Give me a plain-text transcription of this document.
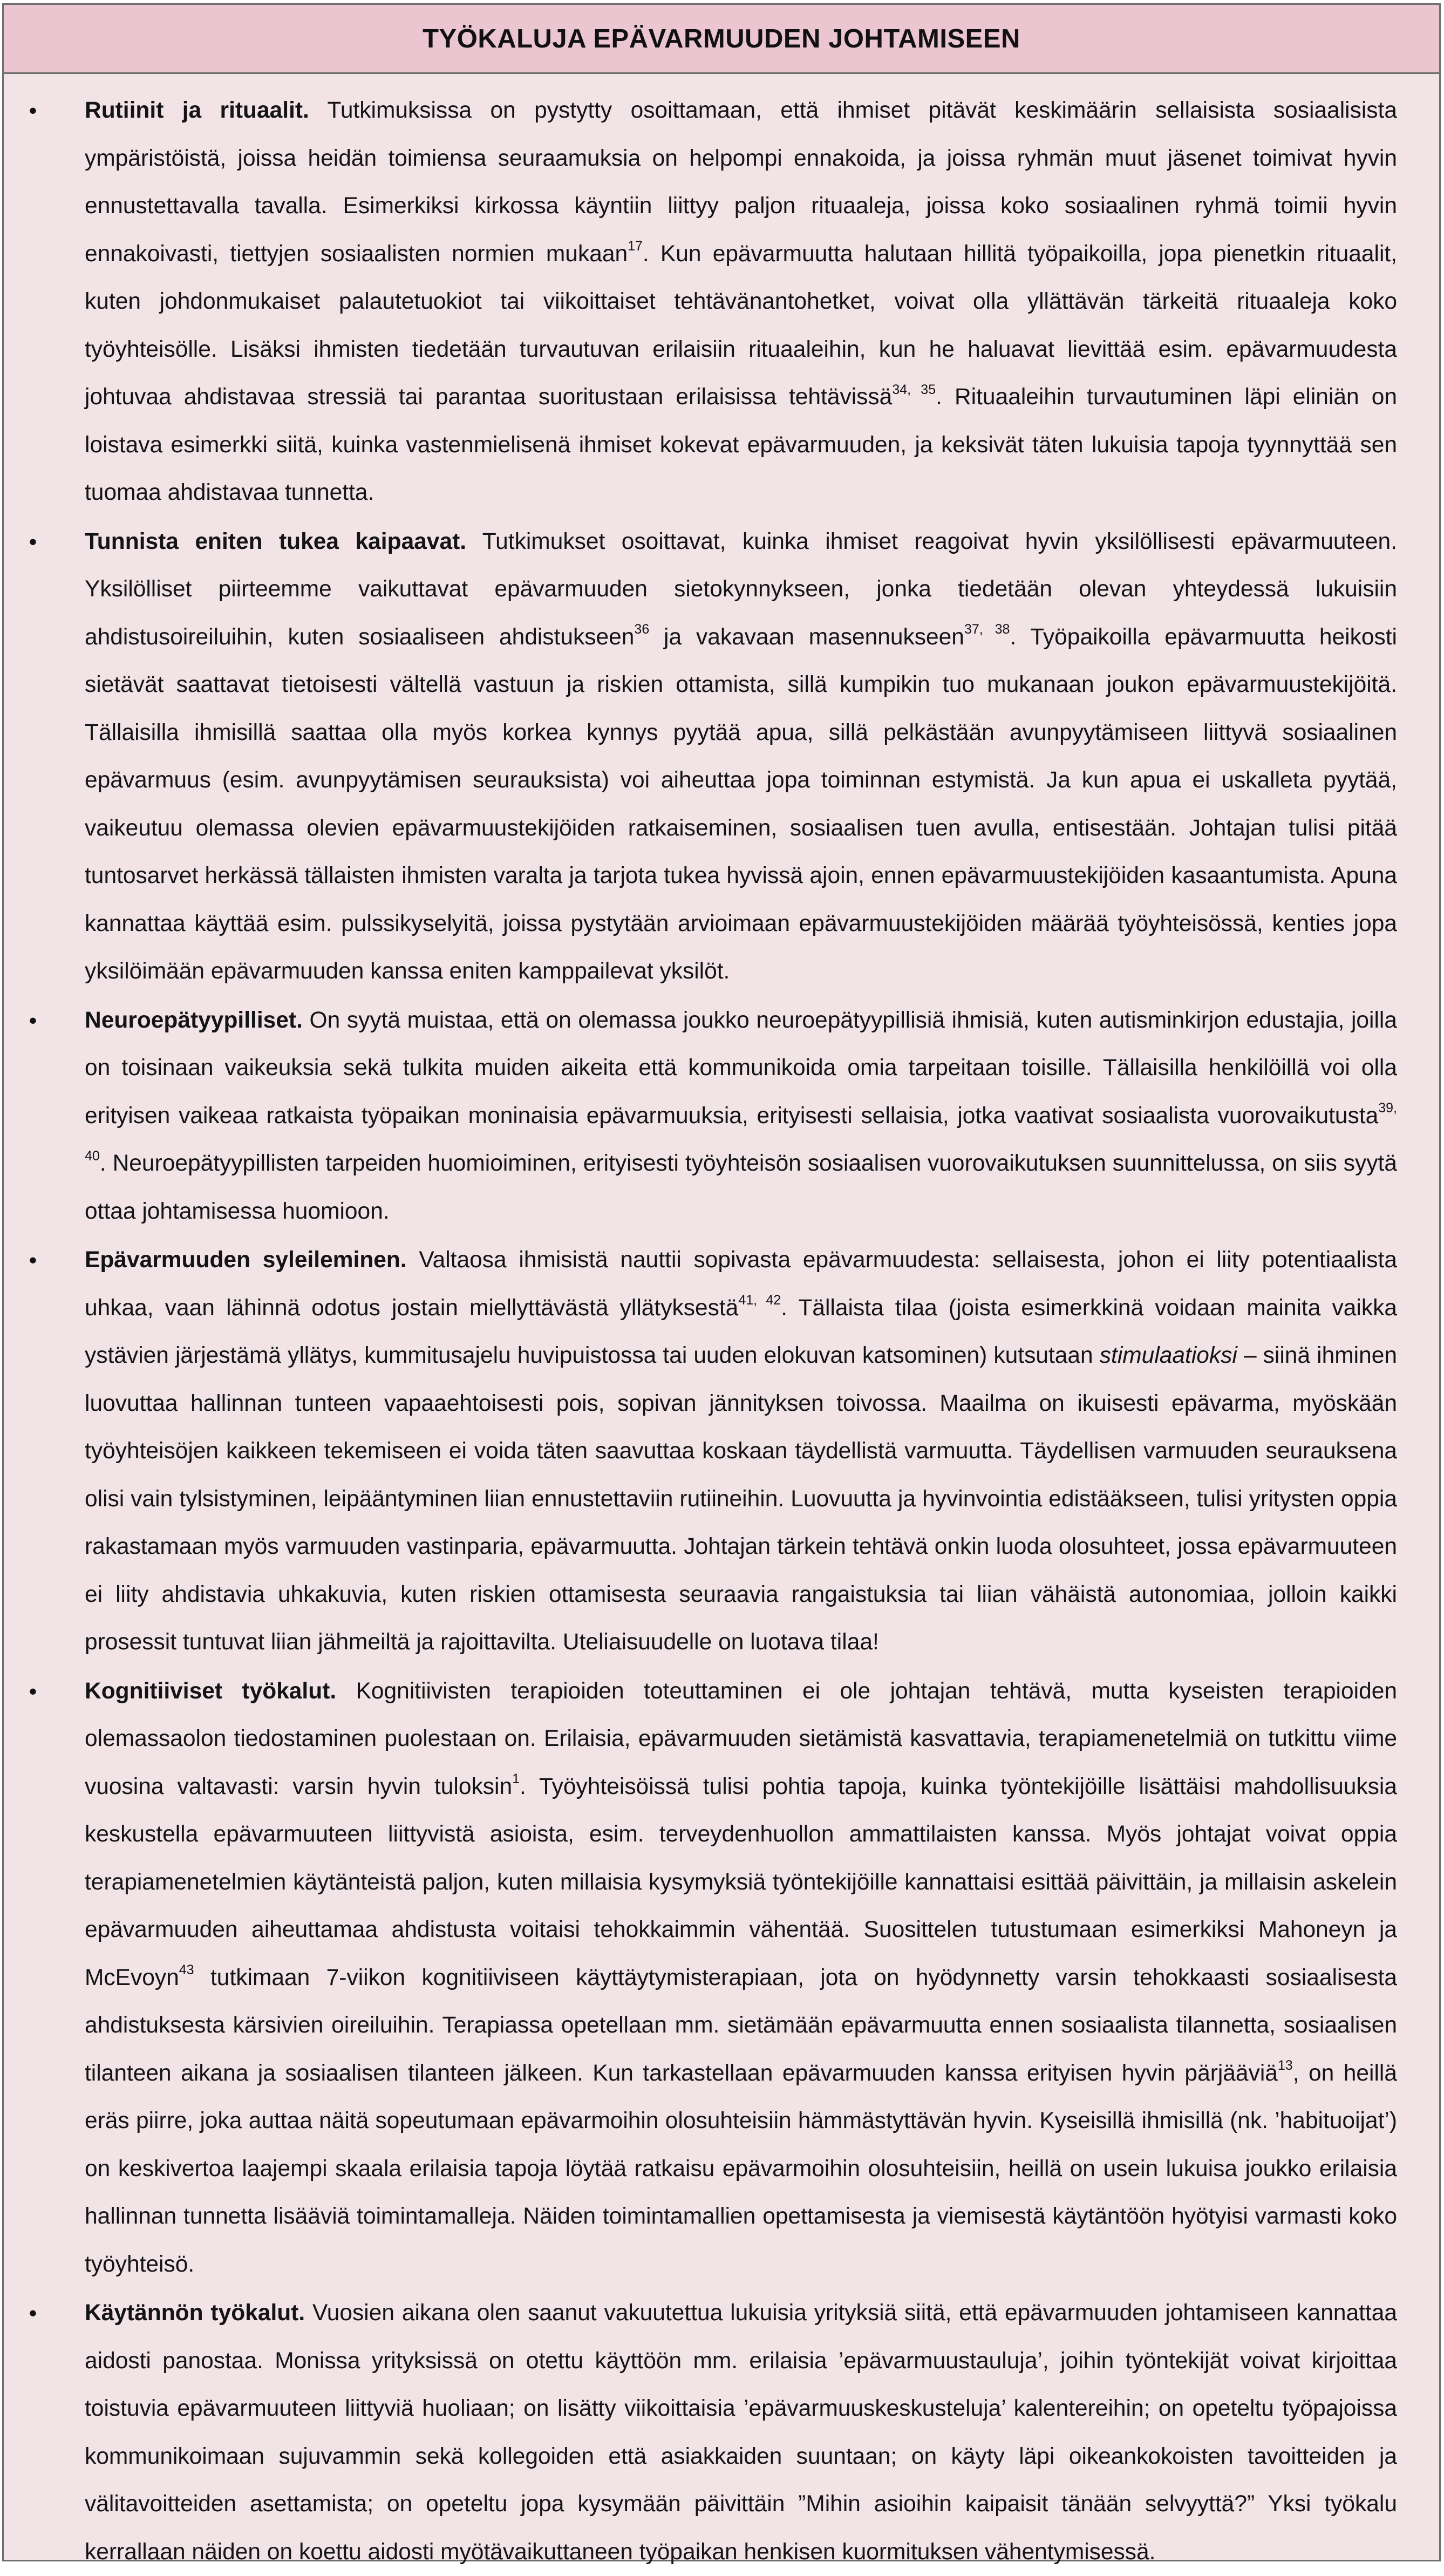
TYÖKALUJA EPÄVARMUUDEN JOHTAMISEEN
• Rutiinit ja rituaalit. Tutkimuksissa on pystytty osoittamaan, että ihmiset pitävät keskimäärin sellaisista sosiaalisista ympäristöistä, joissa heidän toimiensa seuraamuksia on helpompi ennakoida, ja joissa ryhmän muut jäsenet toimivat hyvin ennustettavalla tavalla. Esimerkiksi kirkossa käyntiin liittyy paljon rituaaleja, joissa koko sosiaalinen ryhmä toimii hyvin ennakoivasti, tiettyjen sosiaalisten normien mukaan$^{17}$. Kun epävarmuutta halutaan hillitä työpaikoilla, jopa pienetkin rituaalit, kuten johdonmukaiset palautetuokiot tai viikoittaiset tehtävänantohetket, voivat olla yllättävän tärkeitä rituaaleja koko työyhteisölle. Lisäksi ihmisten tiedetään turvautuvan erilaisiin rituaaleihin, kun he haluavat lievittää esim. epävarmuudesta johtuvaa ahdistavaa stressiä tai parantaa suoritustaan erilaisissa tehtävissä$^{34, 35}$. Rituaaleihin turvautuminen läpi eliniän on loistava esimerkki siitä, kuinka vastenmielisenä ihmiset kokevat epävarmuuden, ja keksivät täten lukuisia tapoja tyynnyttää sen tuomaa ahdistavaa tunnetta.
• Tunnista eniten tukea kaipaavat. Tutkimukset osoittavat, kuinka ihmiset reagoivat hyvin yksilöllisesti epävarmuuteen. Yksilölliset piirteemme vaikuttavat epävarmuuden sietokynnykseen, jonka tiedetään olevan yhteydessä lukuisiin ahdistusoireiluihin, kuten sosiaaliseen ahdistukseen$^{36}$ ja vakavaan masennukseen$^{37, 38}$. Työpaikoilla epävarmuutta heikosti sietävät saattavat tietoisesti vältellä vastuun ja riskien ottamista, sillä kumpikin tuo mukanaan joukon epävarmuustekijöitä. Tällaisilla ihmisillä saattaa olla myös korkea kynnys pyytää apua, sillä pelkästään avunpyytämiseen liittyvä sosiaalinen epävarmuus (esim. avunpyytämisen seurauksista) voi aiheuttaa jopa toiminnan estymistä. Ja kun apua ei uskalleta pyytää, vaikeutuu olemassa olevien epävarmuustekijöiden ratkaiseminen, sosiaalisen tuen avulla, entisestään. Johtajan tulisi pitää tuntosarvet herkässä tällaisten ihmisten varalta ja tarjota tukea hyvissä ajoin, ennen epävarmuustekijöiden kasaantumista. Apuna kannattaa käyttää esim. pulssikyselyitä, joissa pystytään arvioimaan epävarmuustekijöiden määrää työyhteisössä, kenties jopa yksilöimään epävarmuuden kanssa eniten kamppailevat yksilöt.
• Neuroepätyypilliset. On syytä muistaa, että on olemassa joukko neuroepätyypillisiä ihmisiä, kuten autisminkirjon edustajia, joilla on toisinaan vaikeuksia sekä tulkita muiden aikeita että kommunikoida omia tarpeitaan toisille. Tällaisilla henkilöillä voi olla erityisen vaikeaa ratkaista työpaikan moninaisia epävarmuuksia, erityisesti sellaisia, jotka vaativat sosiaalista vuorovaikutusta$^{39, 40}$. Neuroepätyypillisten tarpeiden huomioiminen, erityisesti työyhteisön sosiaalisen vuorovaikutuksen suunnittelussa, on siis syytä ottaa johtamisessa huomioon.
• Epävarmuuden syleileminen. Valtaosa ihmisistä nauttii sopivasta epävarmuudesta: sellaisesta, johon ei liity potentiaalista uhkaa, vaan lähinnä odotus jostain miellyttävästä yllätyksestä$^{41, 42}$. Tällaista tilaa (joista esimerkkinä voidaan mainita vaikka ystävien järjestämä yllätys, kummitusajelu huvipuistossa tai uuden elokuvan katsominen) kutsutaan stimulaatioksi – siinä ihminen luovuttaa hallinnan tunteen vapaaehtoisesti pois, sopivan jännityksen toivossa. Maailma on ikuisesti epävarma, myöskään työyhteisöjen kaikkeen tekemiseen ei voida täten saavuttaa koskaan täydellistä varmuutta. Täydellisen varmuuden seurauksena olisi vain tylsistyminen, leipääntyminen liian ennustettaviin rutiineihin. Luovuutta ja hyvinvointia edistääkseen, tulisi yritysten oppia rakastamaan myös varmuuden vastinparia, epävarmuutta. Johtajan tärkein tehtävä onkin luoda olosuhteet, jossa epävarmuuteen ei liity ahdistavia uhkakuvia, kuten riskien ottamisesta seuraavia rangaistuksia tai liian vähäistä autonomiaa, jolloin kaikki prosessit tuntuvat liian jähmeiltä ja rajoittavilta. Uteliaisuudelle on luotava tilaa!
• Kognitiiviset työkalut. Kognitiivisten terapioiden toteuttaminen ei ole johtajan tehtävä, mutta kyseisten terapioiden olemassaolon tiedostaminen puolestaan on. Erilaisia, epävarmuuden sietämistä kasvattavia, terapiamenetelmiä on tutkittu viime vuosina valtavasti: varsin hyvin tuloksin$^1$. Työyhteisöissä tulisi pohtia tapoja, kuinka työntekijöille lisättäisi mahdollisuuksia keskustella epävarmuuteen liittyvistä asioista, esim. terveydenhuollon ammattilaisten kanssa. Myös johtajat voivat oppia terapiamenetelmien käytänteistä paljon, kuten millaisia kysymyksiä työntekijöille kannattaisi esittää päivittäin, ja millaisin askelein epävarmuuden aiheuttamaa ahdistusta voitaisi tehokkaimmin vähentää. Suosittelen tutustumaan esimerkiksi Mahoneyn ja McEvoyn$^{43}$ tutkimaan 7-viikon kognitiiviseen käyttäytymisterapiaan, jota on hyödynnetty varsin tehokkaasti sosiaalisesta ahdistuksesta kärsivien oireiluihin. Terapiassa opetellaan mm. sietämään epävarmuutta ennen sosiaalista tilannetta, sosiaalisen tilanteen aikana ja sosiaalisen tilanteen jälkeen. Kun tarkastellaan epävarmuuden kanssa erityisen hyvin pärjääviä$^{13}$, on heillä eräs piirre, joka auttaa näitä sopeutumaan epävarmoihin olosuhteisiin hämmästyttävän hyvin. Kyseisillä ihmisillä (nk. ’habituoijat’) on keskivertoa laajempi skaala erilaisia tapoja löytää ratkaisu epävarmoihin olosuhteisiin, heillä on usein lukuisa joukko erilaisia hallinnan tunnetta lisääviä toimintamalleja. Näiden toimintamallien opettamisesta ja viemisestä käytäntöön hyötyisi varmasti koko työyhteisö.
• Käytännön työkalut. Vuosien aikana olen saanut vakuutettua lukuisia yrityksiä siitä, että epävarmuuden johtamiseen kannattaa aidosti panostaa. Monissa yrityksissä on otettu käyttöön mm. erilaisia ’epävarmuustauluja’, joihin työntekijät voivat kirjoittaa toistuvia epävarmuuteen liittyviä huoliaan; on lisätty viikoittaisia ’epävarmuuskeskusteluja’ kalentereihin; on opeteltu työpajoissa kommunikoimaan sujuvammin sekä kollegoiden että asiakkaiden suuntaan; on käyty läpi oikeankokoisten tavoitteiden ja välitavoitteiden asettamista; on opeteltu jopa kysymään päivittäin ”Mihin asioihin kaipaisit tänään selvyyttä?” Yksi työkalu kerrallaan näiden on koettu aidosti myötävaikuttaneen työpaikan henkisen kuormituksen vähentymisessä.
